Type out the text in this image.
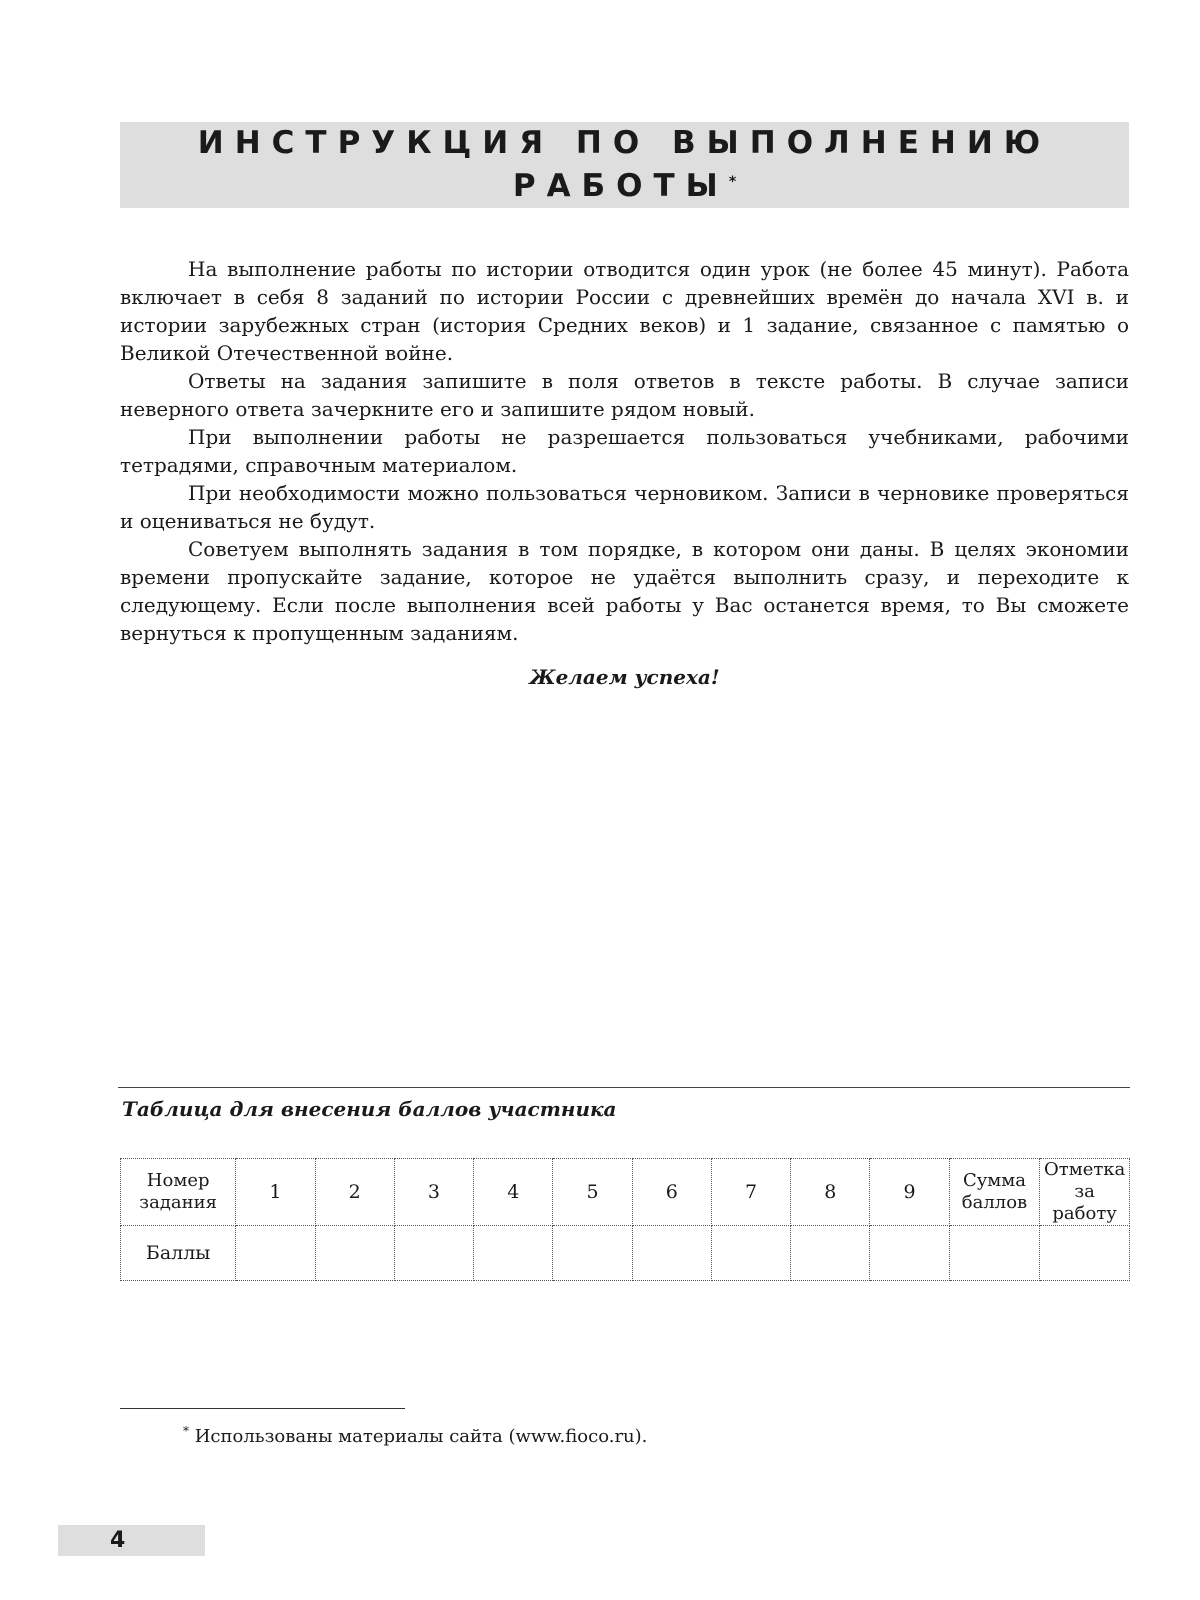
ИНСТРУКЦИЯ ПО ВЫПОЛНЕНИЮ
РАБОТЫ*

На выполнение работы по истории отводится один урок (не более 45 минут). Работа включает в себя 8 заданий по истории России с древнейших времён до начала XVI в. и истории зарубежных стран (история Средних веков) и 1 задание, связанное с памятью о Великой Отечественной войне.

Ответы на задания запишите в поля ответов в тексте работы. В случае записи неверного ответа зачеркните его и запишите рядом новый.

При выполнении работы не разрешается пользоваться учебниками, рабочими тетрадями, справочным материалом.

При необходимости можно пользоваться черновиком. Записи в черновике проверяться и оцениваться не будут.

Советуем выполнять задания в том порядке, в котором они даны. В целях экономии времени пропускайте задание, которое не удаётся выполнить сразу, и переходите к следующему. Если после выполнения всей работы у Вас останется время, то Вы сможете вернуться к пропущенным заданиям.

Желаем успеха!
Таблица для внесения баллов участника
Номер задания	1	2	3	4	5	6	7	8	9	Сумма баллов	Отметка за работу
Баллы											
* Использованы материалы сайта (www.fioco.ru).
4
